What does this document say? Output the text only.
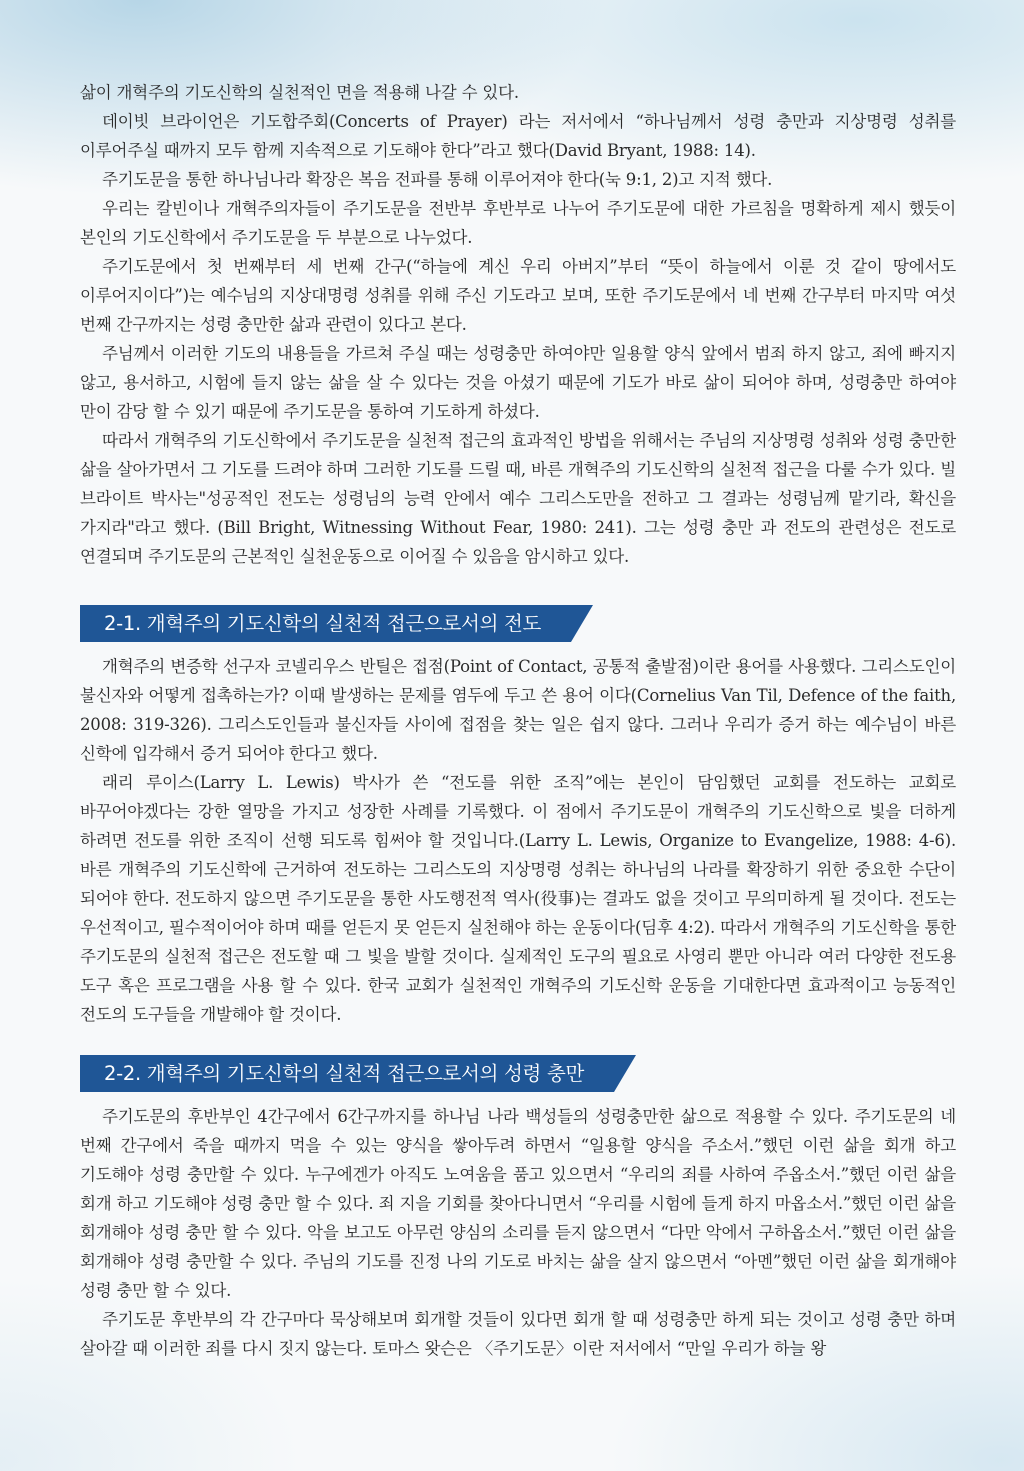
삶이 개혁주의 기도신학의 실천적인 면을 적용해 나갈 수 있다.

데이빗 브라이언은 기도합주회(Concerts of Prayer) 라는 저서에서 “하나님께서 성령 충만과 지상명령 성취를 이루어주실 때까지 모두 함께 지속적으로 기도해야 한다”라고 했다(David Bryant, 1988: 14).

주기도문을 통한 하나님나라 확장은 복음 전파를 통해 이루어져야 한다(눅 9:1, 2)고 지적 했다.

우리는 칼빈이나 개혁주의자들이 주기도문을 전반부 후반부로 나누어 주기도문에 대한 가르침을 명확하게 제시 했듯이 본인의 기도신학에서 주기도문을 두 부분으로 나누었다.

주기도문에서 첫 번째부터 세 번째 간구(“하늘에 계신 우리 아버지”부터 “뜻이 하늘에서 이룬 것 같이 땅에서도 이루어지이다”)는 예수님의 지상대명령 성취를 위해 주신 기도라고 보며, 또한 주기도문에서 네 번째 간구부터 마지막 여섯 번째 간구까지는 성령 충만한 삶과 관련이 있다고 본다.

주님께서 이러한 기도의 내용들을 가르쳐 주실 때는 성령충만 하여야만 일용할 양식 앞에서 범죄 하지 않고, 죄에 빠지지 않고, 용서하고, 시험에 들지 않는 삶을 살 수 있다는 것을 아셨기 때문에 기도가 바로 삶이 되어야 하며, 성령충만 하여야 만이 감당 할 수 있기 때문에 주기도문을 통하여 기도하게 하셨다.

따라서 개혁주의 기도신학에서 주기도문을 실천적 접근의 효과적인 방법을 위해서는 주님의 지상명령 성취와 성령 충만한 삶을 살아가면서 그 기도를 드려야 하며 그러한 기도를 드릴 때, 바른 개혁주의 기도신학의 실천적 접근을 다룰 수가 있다. 빌 브라이트 박사는"성공적인 전도는 성령님의 능력 안에서 예수 그리스도만을 전하고 그 결과는 성령님께 맡기라, 확신을 가지라"라고 했다. (Bill Bright, Witnessing Without Fear, 1980: 241). 그는 성령 충만 과 전도의 관련성은 전도로 연결되며 주기도문의 근본적인 실천운동으로 이어질 수 있음을 암시하고 있다.

2-1. 개혁주의 기도신학의 실천적 접근으로서의 전도

개혁주의 변증학 선구자 코넬리우스 반틸은 접점(Point of Contact, 공통적 출발점)이란 용어를 사용했다. 그리스도인이 불신자와 어떻게 접촉하는가? 이때 발생하는 문제를 염두에 두고 쓴 용어 이다(Cornelius Van Til, Defence of the faith, 2008: 319-326). 그리스도인들과 불신자들 사이에 접점을 찾는 일은 쉽지 않다. 그러나 우리가 증거 하는 예수님이 바른 신학에 입각해서 증거 되어야 한다고 했다.

래리 루이스(Larry L. Lewis) 박사가 쓴 “전도를 위한 조직”에는 본인이 담임했던 교회를 전도하는 교회로 바꾸어야겠다는 강한 열망을 가지고 성장한 사례를 기록했다. 이 점에서 주기도문이 개혁주의 기도신학으로 빛을 더하게 하려면 전도를 위한 조직이 선행 되도록 힘써야 할 것입니다.(Larry L. Lewis, Organize to Evangelize, 1988: 4-6). 바른 개혁주의 기도신학에 근거하여 전도하는 그리스도의 지상명령 성취는 하나님의 나라를 확장하기 위한 중요한 수단이 되어야 한다. 전도하지 않으면 주기도문을 통한 사도행전적 역사(役事)는 결과도 없을 것이고 무의미하게 될 것이다. 전도는 우선적이고, 필수적이어야 하며 때를 얻든지 못 얻든지 실천해야 하는 운동이다(딤후 4:2). 따라서 개혁주의 기도신학을 통한 주기도문의 실천적 접근은 전도할 때 그 빛을 발할 것이다. 실제적인 도구의 필요로 사영리 뿐만 아니라 여러 다양한 전도용 도구 혹은 프로그램을 사용 할 수 있다. 한국 교회가 실천적인 개혁주의 기도신학 운동을 기대한다면 효과적이고 능동적인 전도의 도구들을 개발해야 할 것이다.

2-2. 개혁주의 기도신학의 실천적 접근으로서의 성령 충만

주기도문의 후반부인 4간구에서 6간구까지를 하나님 나라 백성들의 성령충만한 삶으로 적용할 수 있다. 주기도문의 네 번째 간구에서 죽을 때까지 먹을 수 있는 양식을 쌓아두려 하면서 “일용할 양식을 주소서.”했던 이런 삶을 회개 하고 기도해야 성령 충만할 수 있다. 누구에겐가 아직도 노여움을 품고 있으면서 “우리의 죄를 사하여 주옵소서.”했던 이런 삶을 회개 하고 기도해야 성령 충만 할 수 있다. 죄 지을 기회를 찾아다니면서 “우리를 시험에 들게 하지 마옵소서.”했던 이런 삶을 회개해야 성령 충만 할 수 있다. 악을 보고도 아무런 양심의 소리를 듣지 않으면서 “다만 악에서 구하옵소서.”했던 이런 삶을 회개해야 성령 충만할 수 있다. 주님의 기도를 진정 나의 기도로 바치는 삶을 살지 않으면서 “아멘”했던 이런 삶을 회개해야 성령 충만 할 수 있다.

주기도문 후반부의 각 간구마다 묵상해보며 회개할 것들이 있다면 회개 할 때 성령충만 하게 되는 것이고 성령 충만 하며 살아갈 때 이러한 죄를 다시 짓지 않는다. 토마스 왓슨은 〈주기도문〉이란 저서에서 “만일 우리가 하늘 왕
